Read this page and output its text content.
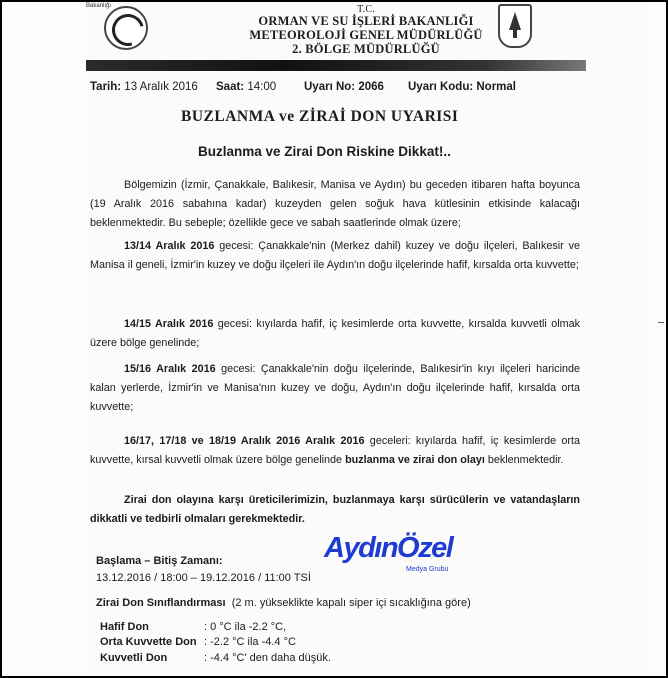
Bakanlığı	T.C.
ORMAN VE SU İŞLERİ BAKANLIĞI
METEOROLOJİ GENEL MÜDÜRLÜĞÜ
2. BÖLGE MÜDÜRLÜĞÜ
Tarih: 13 Aralık 2016 Saat: 14:00 Uyarı No: 2066 Uyarı Kodu: Normal
BUZLANMA ve ZİRAİ DON UYARISI
Buzlanma ve Zirai Don Riskine Dikkat!..
Bölgemizin (İzmir, Çanakkale, Balıkesir, Manisa ve Aydın) bu geceden itibaren hafta boyunca (19 Aralık 2016 sabahına kadar) kuzeyden gelen soğuk hava kütlesinin etkisinde kalacağı beklenmektedir. Bu sebeple; özellikle gece ve sabah saatlerinde olmak üzere;
13/14 Aralık 2016 gecesi: Çanakkale'nin (Merkez dahil) kuzey ve doğu ilçeleri, Balıkesir ve Manisa il geneli, İzmir'in kuzey ve doğu ilçeleri ile Aydın'ın doğu ilçelerinde hafif, kırsalda orta kuvvette;
14/15 Aralık 2016 gecesi: kıyılarda hafif, iç kesimlerde orta kuvvette, kırsalda kuvvetli olmak üzere bölge genelinde;
15/16 Aralık 2016 gecesi: Çanakkale'nin doğu ilçelerinde, Balıkesir'in kıyı ilçeleri haricinde kalan yerlerde, İzmir'in ve Manisa'nın kuzey ve doğu, Aydın'ın doğu ilçelerinde hafif, kırsalda orta kuvvette;
16/17, 17/18 ve 18/19 Aralık 2016 Aralık 2016 geceleri: kıyılarda hafif, iç kesimlerde orta kuvvette, kırsal kuvvetli olmak üzere bölge genelinde buzlanma ve zirai don olayı beklenmektedir.
Zirai don olayına karşı üreticilerimizin, buzlanmaya karşı sürücülerin ve vatandaşların dikkatli ve tedbirli olmaları gerekmektedir.
Başlama – Bitiş Zamanı:
13.12.2016 / 18:00 – 19.12.2016 / 11:00 TSİ
Zirai Don Sınıflandırması (2 m. yükseklikte kapalı siper içi sıcaklığına göre)
Hafif Don	: 0 °C ila -2.2 °C,
Orta Kuvvette Don : -2.2 °C ila -4.4 °C
Kuvvetli Don	: -4.4 °C' den daha düşük.
AydınÖzel
Medya Grubu
